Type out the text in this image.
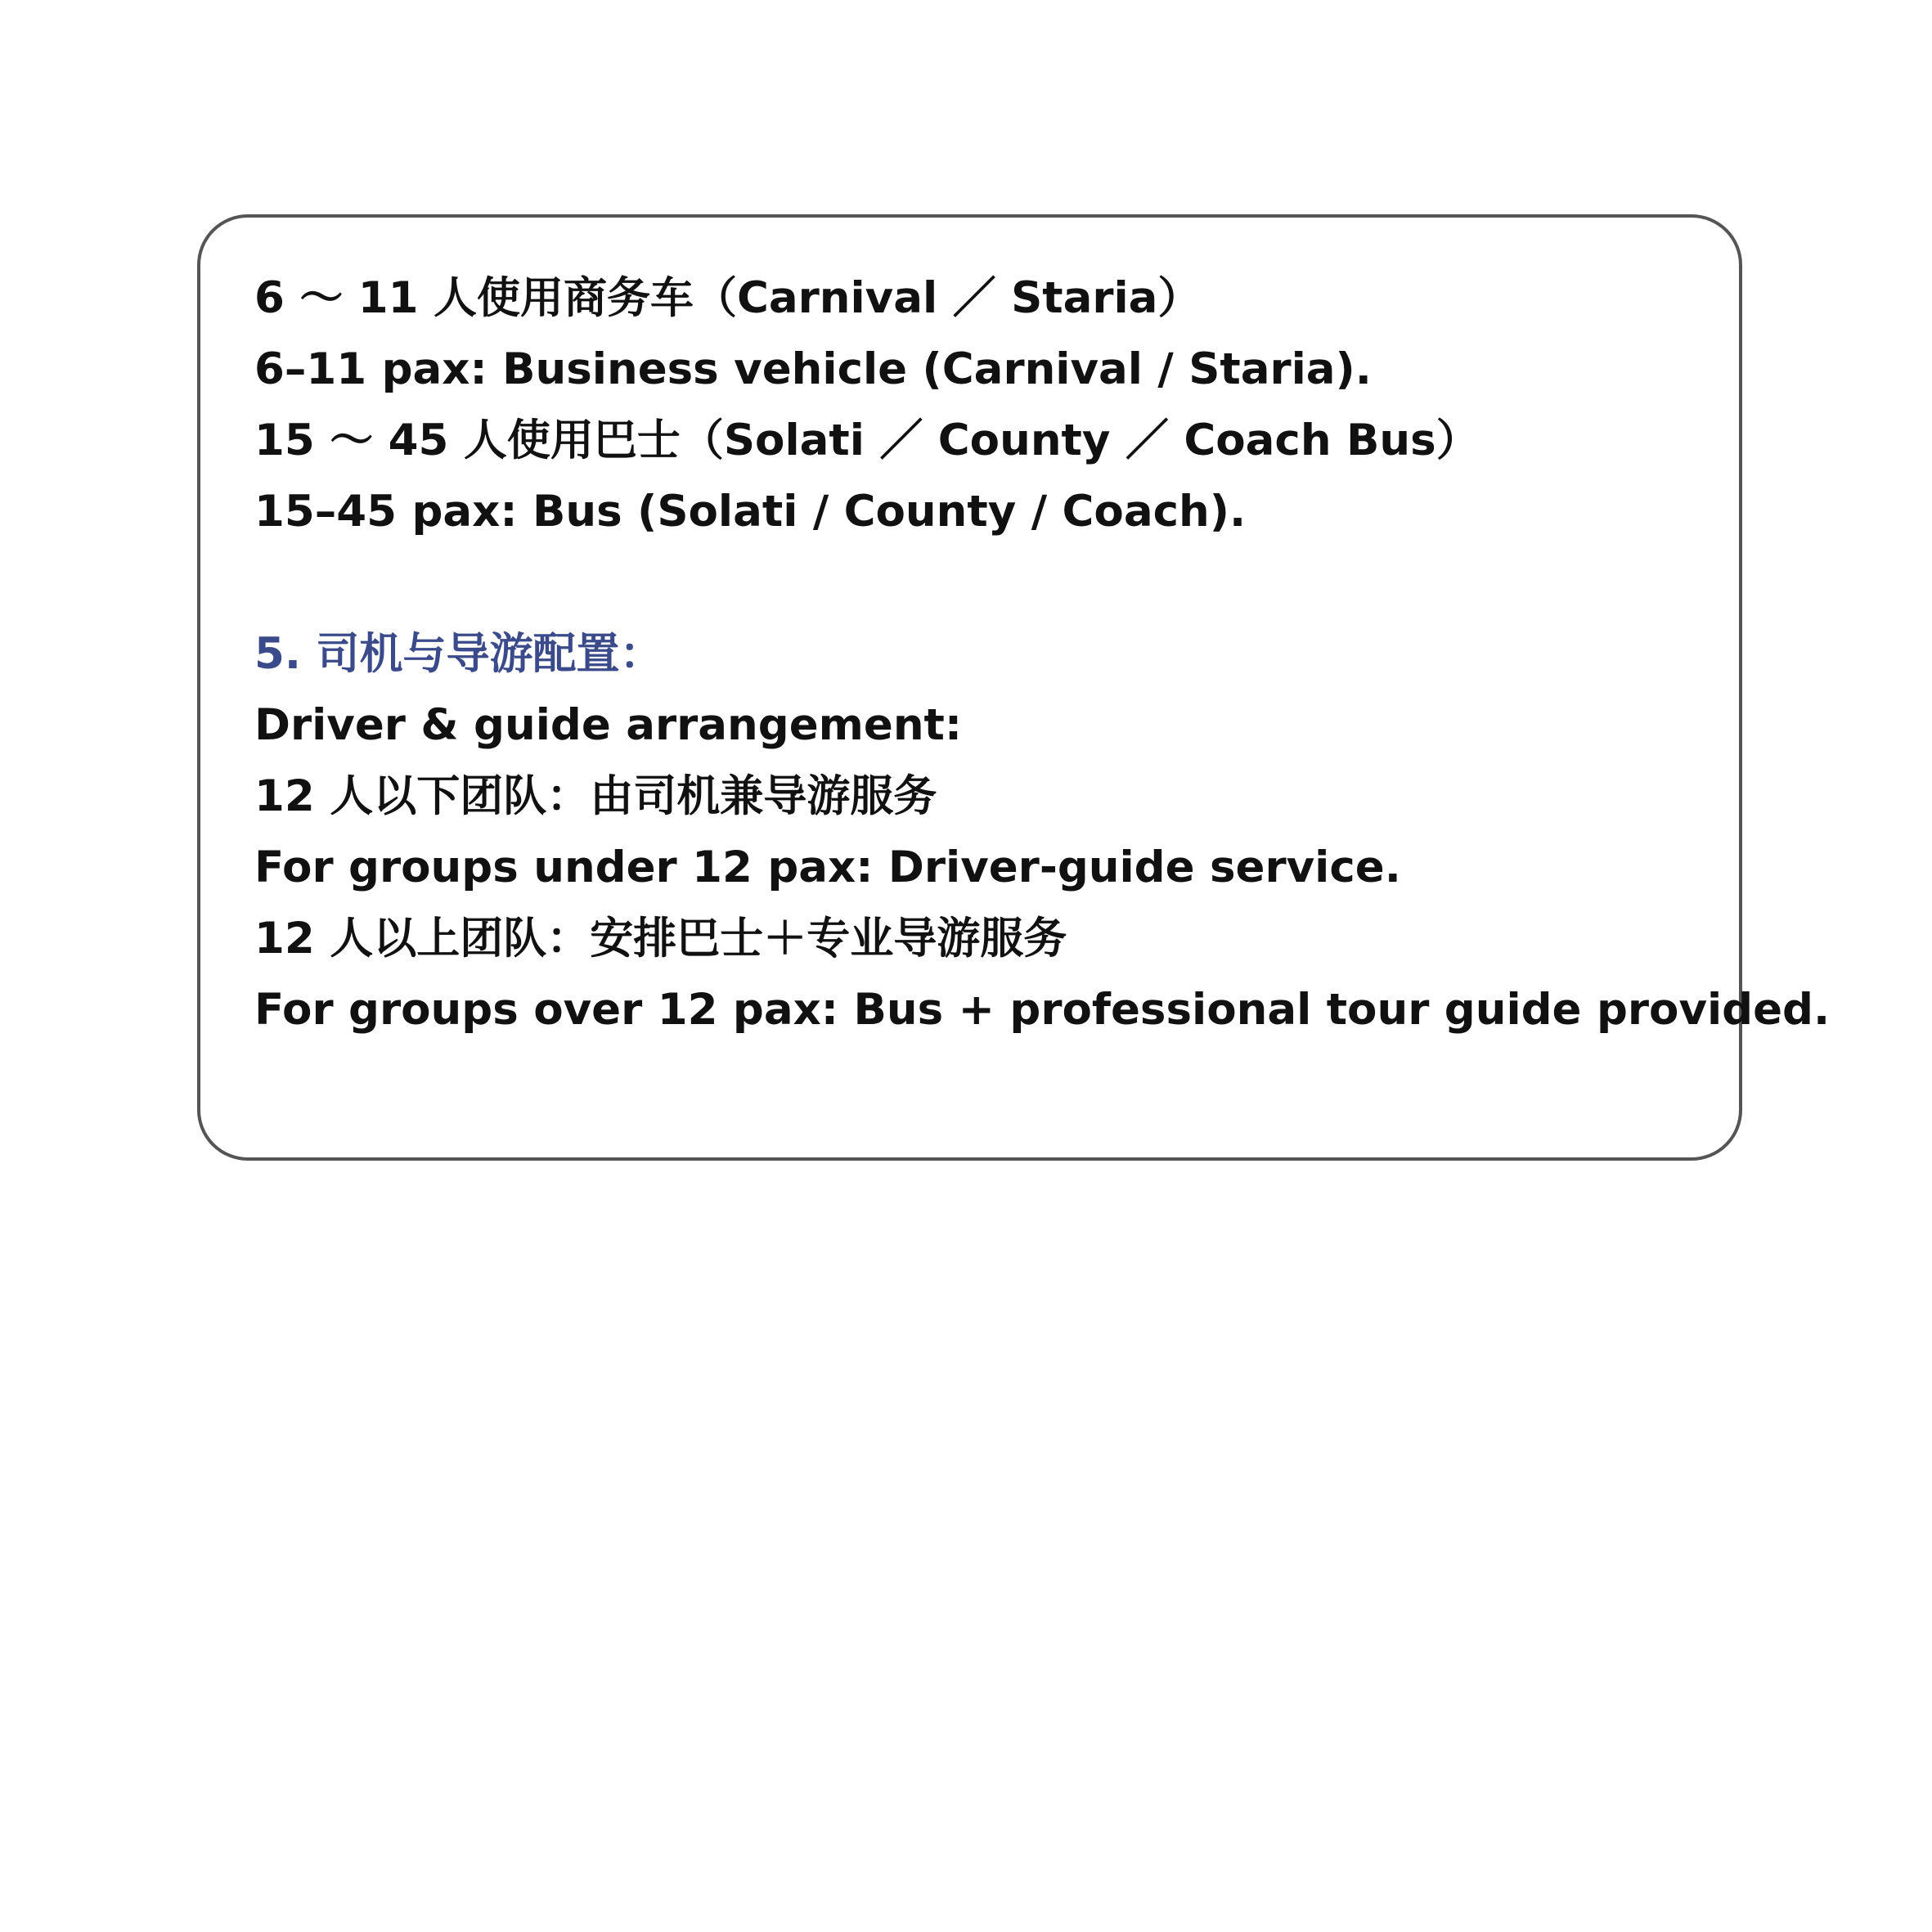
6 ～ 11 人使用商务车（Carnival ／ Staria）
6–11 pax: Business vehicle (Carnival / Staria).
15 ～ 45 人使用巴士（Solati ／ County ／ Coach Bus）
15–45 pax: Bus (Solati / County / Coach).
5. 司机与导游配置：
Driver & guide arrangement:
12 人以下团队：由司机兼导游服务
For groups under 12 pax: Driver-guide service.
12 人以上团队：安排巴士＋专业导游服务
For groups over 12 pax: Bus + professional tour guide provided.
